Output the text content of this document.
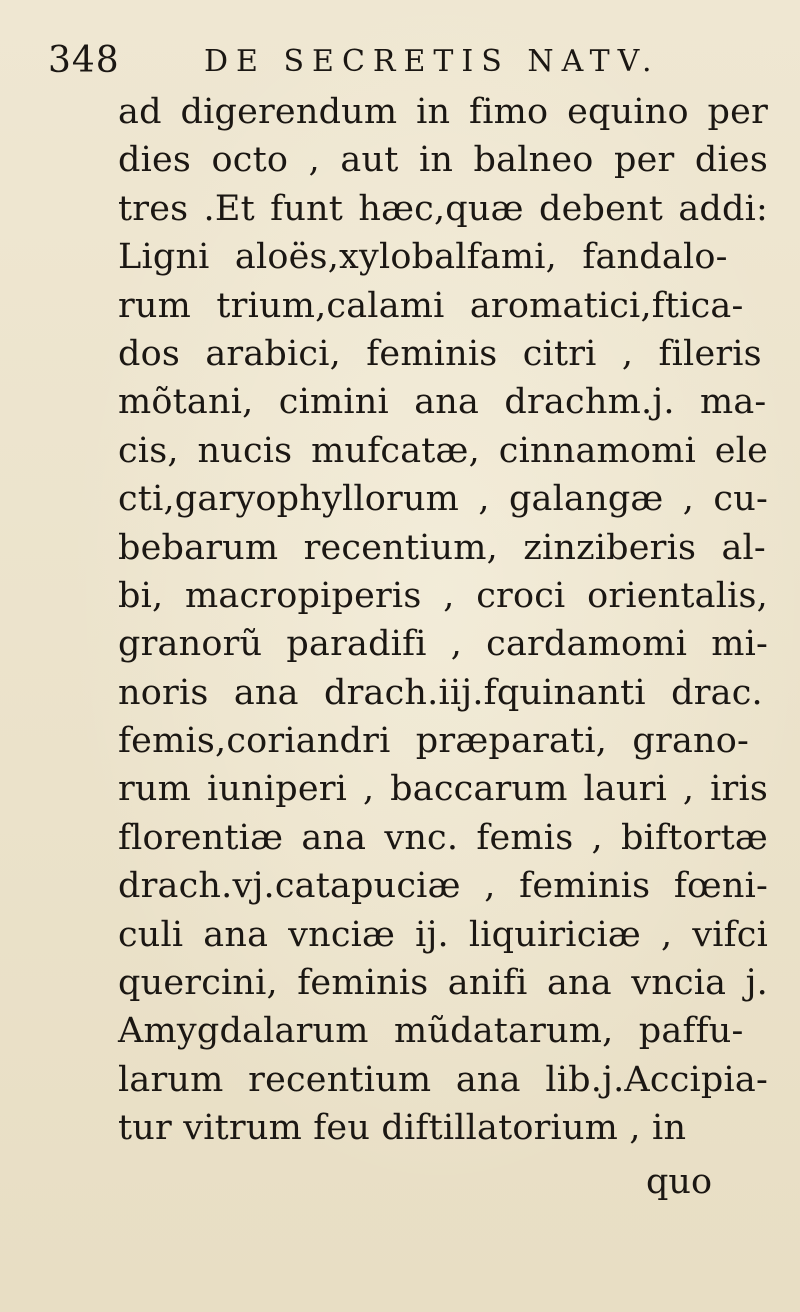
348	DE SECRETIS NATV.
ad digerendum in fimo equino per
dies octo , aut in balneo per dies
tres .Et funt hæc,quæ debent addi:
Ligni aloës,xylobalfami, fandalo-
rum trium,calami aromatici,ftica-
dos arabici, feminis citri , fileris
mõtani, cimini ana drachm.j. ma-
cis, nucis mufcatæ, cinnamomi ele
cti,garyophyllorum , galangæ , cu-
bebarum recentium, zinziberis al-
bi, macropiperis , croci orientalis,
granorũ paradifi , cardamomi mi-
noris ana drach.iij.fquinanti drac.
femis,coriandri præparati, grano-
rum iuniperi , baccarum lauri , iris
florentiæ ana vnc. femis , biftortæ
drach.vj.catapuciæ , feminis fœni-
culi ana vnciæ ij. liquiriciæ , vifci
quercini, feminis anifi ana vncia j.
Amygdalarum mũdatarum, paffu-
larum recentium ana lib.j.Accipia-
tur vitrum feu diftillatorium , in
quo
